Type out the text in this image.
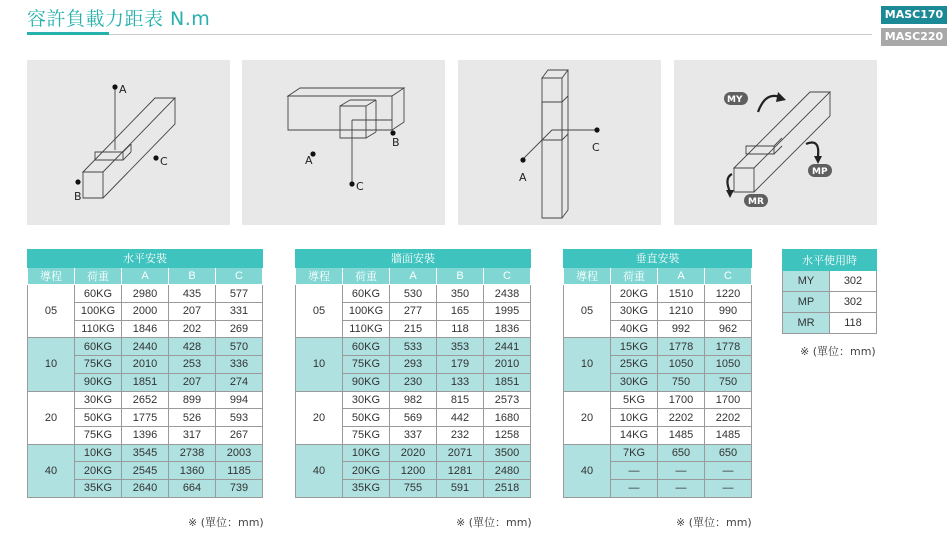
容許負載力距表 N.m	MASC170
MASC220
A
B
C	A
B
C
C
A
MY
MP
MR
水平安裝				
導程	荷重	A	B	C
05	60KG	2980	435	577
	100KG	2000	207	331
	110KG	1846	202	269
10	60KG	2440	428	570
	75KG	2010	253	336
	90KG	1851	207	274
20	30KG	2652	899	994
	50KG	1775	526	593
	75KG	1396	317	267
40	10KG	3545	2738	2003
	20KG	2545	1360	1185
	35KG	2640	664	739
※ (單位：mm)
牆面安裝				
導程	荷重	A	B	C
05	60KG	530	350	2438
	100KG	277	165	1995
	110KG	215	118	1836
10	60KG	533	353	2441
	75KG	293	179	2010
	90KG	230	133	1851
20	30KG	982	815	2573
	50KG	569	442	1680
	75KG	337	232	1258
40	10KG	2020	2071	3500
	20KG	1200	1281	2480
	35KG	755	591	2518
※ (單位：mm)
垂直安裝			
導程	荷重	A	C
05	20KG	1510	1220
	30KG	1210	990
	40KG	992	962
10	15KG	1778	1778
	25KG	1050	1050
	30KG	750	750
20	5KG	1700	1700
	10KG	2202	2202
	14KG	1485	1485
40	7KG	650	650
	—	—	—
	—	—	—
※ (單位：mm)
水平使用時	
MY	302
MP	302
MR	118
※ (單位：mm)
